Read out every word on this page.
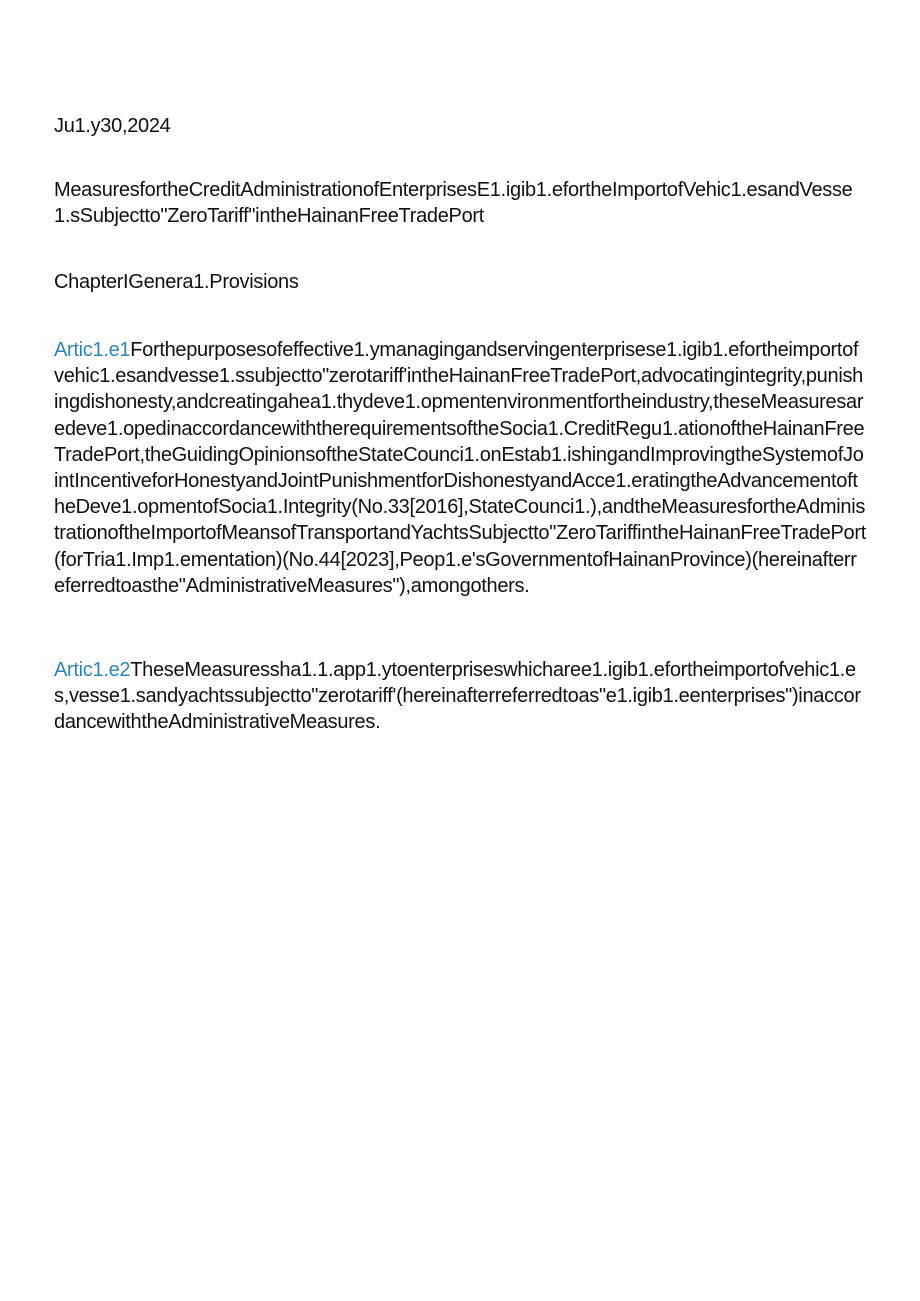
Ju1.y30,2024
MeasuresfortheCreditAdministrationofEnterprisesE1.igib1.efortheImportofVehic1.esandVesse1.sSubjectto"ZeroTariff"intheHainanFreeTradePort
ChapterIGenera1.Provisions
Artic1.e1Forthepurposesofeffective1.ymanagingandservingenterprisese1.igib1.efortheimportofvehic1.esandvesse1.ssubjectto"zerotariff'intheHainanFreeTradePort,advocatingintegrity,punishingdishonesty,andcreatingahea1.thydeve1.opmentenvironmentfortheindustry,theseMeasuresaredeve1.opedinaccordancewiththerequirementsoftheSocia1.CreditRegu1.ationoftheHainanFreeTradePort,theGuidingOpinionsoftheStateCounci1.onEstab1.ishingandImprovingtheSystemofJointIncentiveforHonestyandJointPunishmentforDishonestyandAcce1.eratingtheAdvancementoftheDeve1.opmentofSocia1.Integrity(No.33[2016],StateCounci1.),andtheMeasuresfortheAdministrationoftheImportofMeansofTransportandYachtsSubjectto"ZeroTariffintheHainanFreeTradePort(forTria1.Imp1.ementation)(No.44[2023],Peop1.e'sGovernmentofHainanProvince)(hereinafterreferredtoasthe"AdministrativeMeasures"),amongothers.
Artic1.e2TheseMeasuressha1.1.app1.ytoenterpriseswhicharee1.igib1.efortheimportofvehic1.es,vesse1.sandyachtssubjectto"zerotariff'(hereinafterreferredtoas"e1.igib1.eenterprises")inaccordancewiththeAdministrativeMeasures.
